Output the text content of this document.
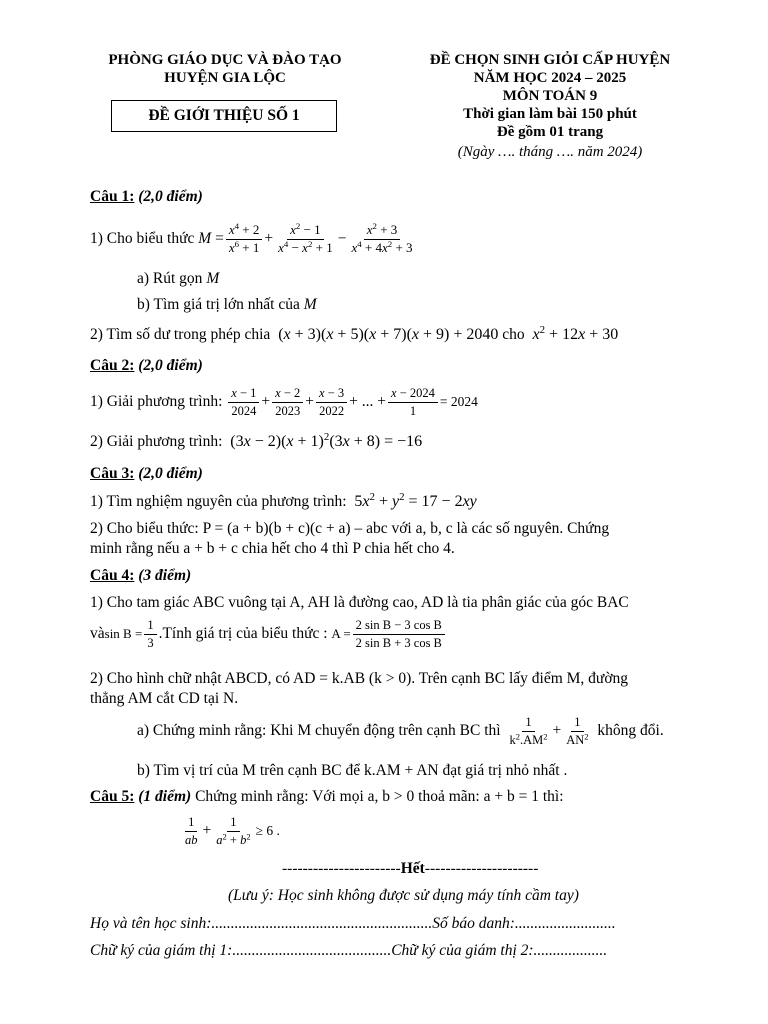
PHÒNG GIÁO DỤC VÀ ĐÀO TẠO
HUYỆN GIA LỘC
ĐỀ GIỚI THIỆU SỐ 1
ĐỀ CHỌN SINH GIỎI CẤP HUYỆN
NĂM HỌC 2024 – 2025
MÔN TOÁN 9
Thời gian làm bài 150 phút
Đề gồm 01 trang
(Ngày …. tháng …. năm 2024)
Câu 1: (2,0 điểm)
1) Cho biểu thức
$M = \frac{x^4 + 2}{x^6 + 1} + \frac{x^2 - 1}{x^4 - x^2 + 1} - \frac{x^2 + 3}{x^4 + 4x^2 + 3}$
a) Rút gọn M
b) Tìm giá trị lớn nhất của M
2) Tìm số dư trong phép chia  (x + 3)(x + 5)(x + 7)(x + 9) + 2040 cho $x^2 + 12x + 30$
Câu 2: (2,0 điểm)
1) Giải phương trình:
$\frac{x - 1}{2024} + \frac{x - 2}{2023} + \frac{x - 3}{2022}$ + ... + $\frac{x - 2024}{1} = 2024$
2) Giải phương trình:  $(3x - 2)(x + 1)^2(3x + 8) = -16$
Câu 3: (2,0 điểm)
1) Tìm nghiệm nguyên của phương trình:  $5x^2 + y^2 = 17 - 2xy$
2) Cho biểu thức: P = (a + b)(b + c)(c + a) – abc với a, b, c là các số nguyên. Chứng
minh rằng nếu a + b + c chia hết cho 4 thì P chia hết cho 4.
Câu 4: (3 điểm)
1) Cho tam giác ABC vuông tại A, AH là đường cao, AD là tia phân giác của góc BAC
và $\sin B = \frac{1}{3}$ .Tính giá trị của biểu thức :
$A = \frac{\text{2 sin B − 3 cos B}}{\text{2 sin B + 3 cos B}}$
2) Cho hình chữ nhật ABCD, có AD = k.AB (k > 0). Trên cạnh BC lấy điểm M, đường
thẳng AM cắt CD tại N.
a) Chứng minh rằng: Khi M chuyển động trên cạnh BC thì
$\frac{1}{k^2.AM^2} + \frac{1}{AN^2}$
không đổi.
b) Tìm vị trí của M trên cạnh BC để k.AM + AN đạt giá trị nhỏ nhất .
Câu 5: (1 điểm) Chứng minh rằng: Với mọi a, b > 0 thoả mãn: a + b = 1 thì:
$\frac{1}{ab} + \frac{1}{a^2 + b^2} \ge 6$ .
-----------------------Hết----------------------
(Lưu ý: Học sinh không được sử dụng máy tính cầm tay)
Họ và tên học sinh:.........................................................Số báo danh:..........................
Chữ ký của giám thị 1:.........................................Chữ ký của giám thị 2:...................
